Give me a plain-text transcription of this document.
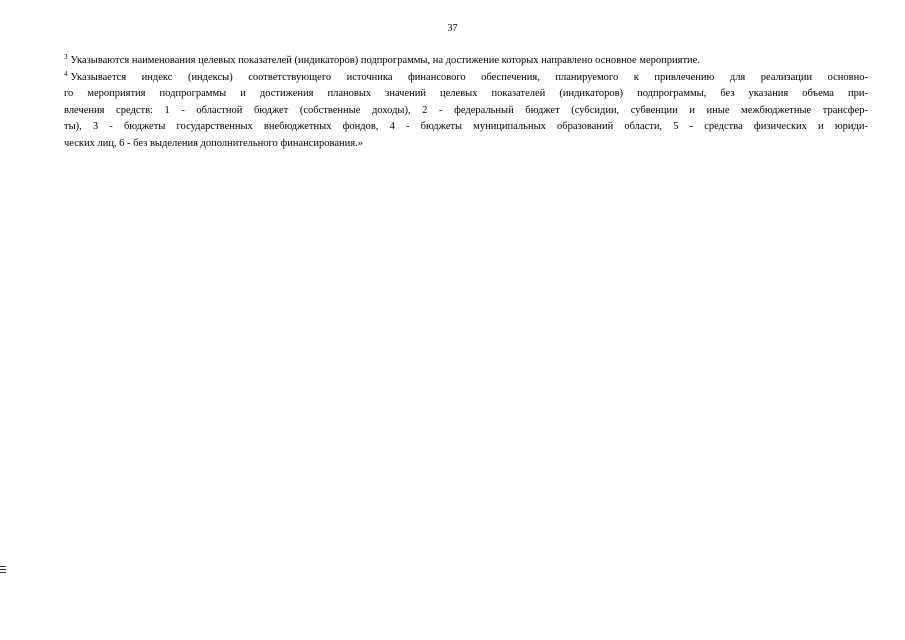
37

$^3$ Указываются наименования целевых показателей (индикаторов) подпрограммы, на достижение которых направлено основное мероприятие.

$^4$ Указывается индекс (индексы) соответствующего источника финансового обеспечения, планируемого к привлечению для реализации основно-
го мероприятия подпрограммы и достижения плановых значений целевых показателей (индикаторов) подпрограммы, без указания объема при-
влечения средств: 1 - областной бюджет (собственные доходы), 2 - федеральный бюджет (субсидии, субвенции и иные межбюджетные трансфер-
ты), 3 - бюджеты государственных внебюджетных фондов, 4 - бюджеты муниципальных образований области, 5 - средства физических и юриди-
ческих лиц, 6 - без выделения дополнительного финансирования.»
